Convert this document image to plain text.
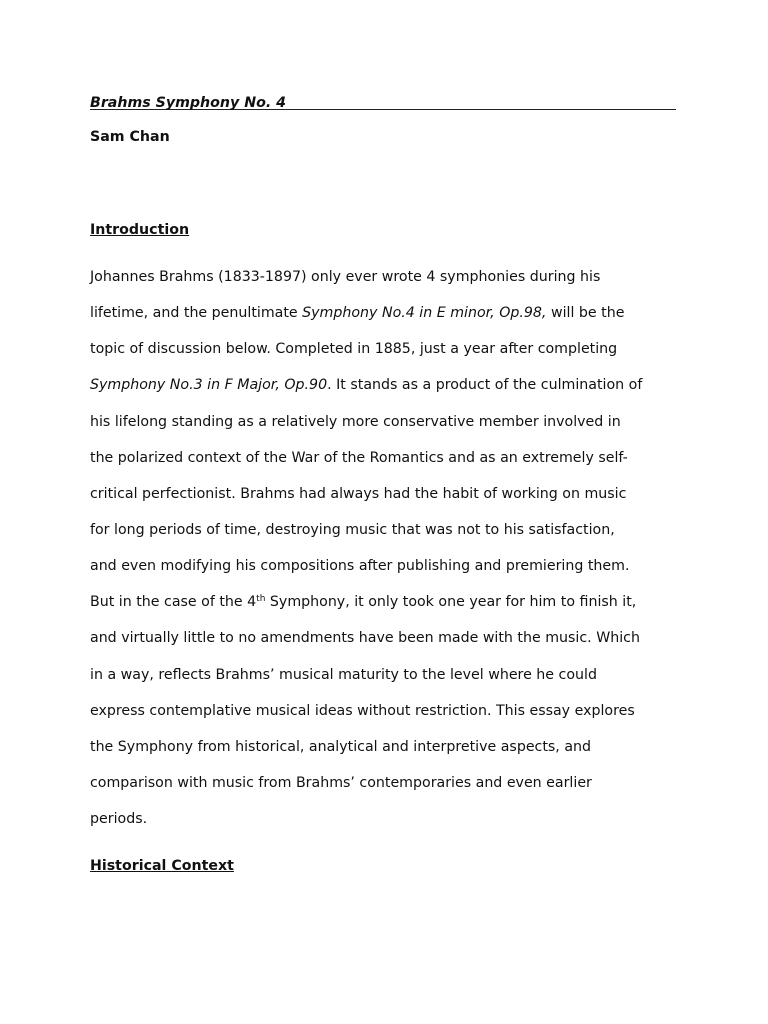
Brahms Symphony No. 4
Sam Chan
Introduction
Johannes Brahms (1833-1897) only ever wrote 4 symphonies during his
lifetime, and the penultimate Symphony No.4 in E minor, Op.98, will be the
topic of discussion below. Completed in 1885, just a year after completing
Symphony No.3 in F Major, Op.90. It stands as a product of the culmination of
his lifelong standing as a relatively more conservative member involved in
the polarized context of the War of the Romantics and as an extremely self-
critical perfectionist. Brahms had always had the habit of working on music
for long periods of time, destroying music that was not to his satisfaction,
and even modifying his compositions after publishing and premiering them.
But in the case of the 4th Symphony, it only took one year for him to finish it,
and virtually little to no amendments have been made with the music. Which
in a way, reflects Brahms’ musical maturity to the level where he could
express contemplative musical ideas without restriction. This essay explores
the Symphony from historical, analytical and interpretive aspects, and
comparison with music from Brahms’ contemporaries and even earlier
periods.
Historical Context
